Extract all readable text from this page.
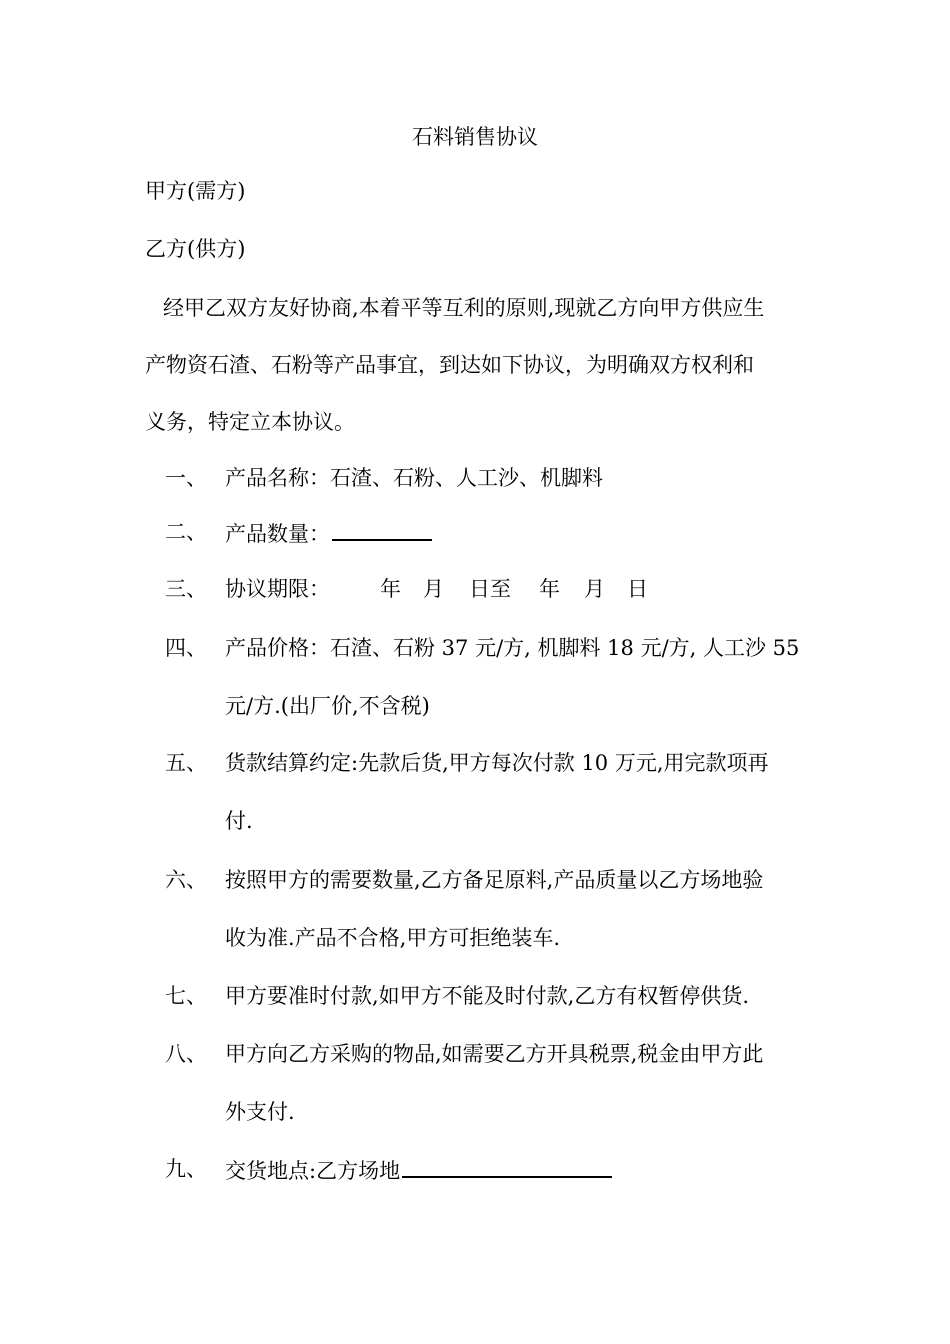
石料销售协议
甲方(需方)
乙方(供方)
经甲乙双方友好协商,本着平等互利的原则,现就乙方向甲方供应生
产物资石渣、石粉等产品事宜，到达如下协议，为明确双方权利和
义务，特定立本协议。
一、 产品名称：石渣、石粉、人工沙、机脚料
二、 产品数量：
三、 协议期限： 年 月 日至 年 月 日
四、 产品价格：石渣、石粉 37 元/方, 机脚料 18 元/方, 人工沙 55
元/方.(出厂价,不含税)
五、 货款结算约定:先款后货,甲方每次付款 10 万元,用完款项再
付.
六、 按照甲方的需要数量,乙方备足原料,产品质量以乙方场地验
收为准.产品不合格,甲方可拒绝装车.
七、 甲方要准时付款,如甲方不能及时付款,乙方有权暂停供货.
八、 甲方向乙方采购的物品,如需要乙方开具税票,税金由甲方此
外支付.
九、 交货地点:乙方场地
